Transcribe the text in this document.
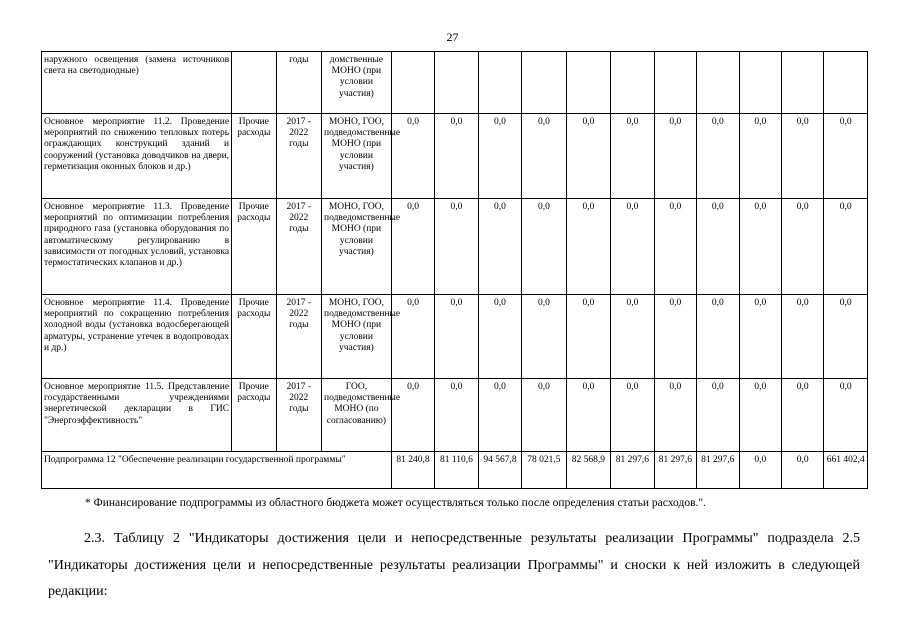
27
наружного освещения (замена источников света на светодиодные)		годы	домственные МОНО (при условии участия)											
Основное мероприятие 11.2. Проведение мероприятий по снижению тепловых потерь ограждающих конструкций зданий и сооружений (установка доводчиков на двери, герметизация оконных блоков и др.)	Прочие расходы	2017 - 2022 годы	МОНО, ГОО, подведомственные МОНО (при условии участия)	0,0	0,0	0,0	0,0	0,0	0,0	0,0	0,0	0,0	0,0	0,0
Основное мероприятие 11.3. Проведение мероприятий по оптимизации потребления природного газа (установка оборудования по автоматическому регулированию в зависимости от погодных условий, установка термостатических клапанов и др.)	Прочие расходы	2017 - 2022 годы	МОНО, ГОО, подведомственные МОНО (при условии участия)	0,0	0,0	0,0	0,0	0,0	0,0	0,0	0,0	0,0	0,0	0,0
Основное мероприятие 11.4. Проведение мероприятий по сокращению потребления холодной воды (установка водосберегающей арматуры, устранение утечек в водопроводах и др.)	Прочие расходы	2017 - 2022 годы	МОНО, ГОО, подведомственные МОНО (при условии участия)	0,0	0,0	0,0	0,0	0,0	0,0	0,0	0,0	0,0	0,0	0,0
Основное мероприятие 11.5. Представление государственными учреждениями энергетической декларации в ГИС "Энергоэффективность"	Прочие расходы	2017 - 2022 годы	ГОО, подведомственные МОНО (по согласованию)	0,0	0,0	0,0	0,0	0,0	0,0	0,0	0,0	0,0	0,0	0,0
Подпрограмма 12 "Обеспечение реализации государственной программы"				81 240,8	81 110,6	94 567,8	78 021,5	82 568,9	81 297,6	81 297,6	81 297,6	0,0	0,0	661 402,4
* Финансирование подпрограммы из областного бюджета может осуществляться только после определения статьи расходов.".
2.3. Таблицу 2 "Индикаторы достижения цели и непосредственные результаты реализации Программы" подраздела 2.5 "Индикаторы достижения цели и непосредственные результаты реализации Программы" и сноски к ней изложить в следующей редакции:
